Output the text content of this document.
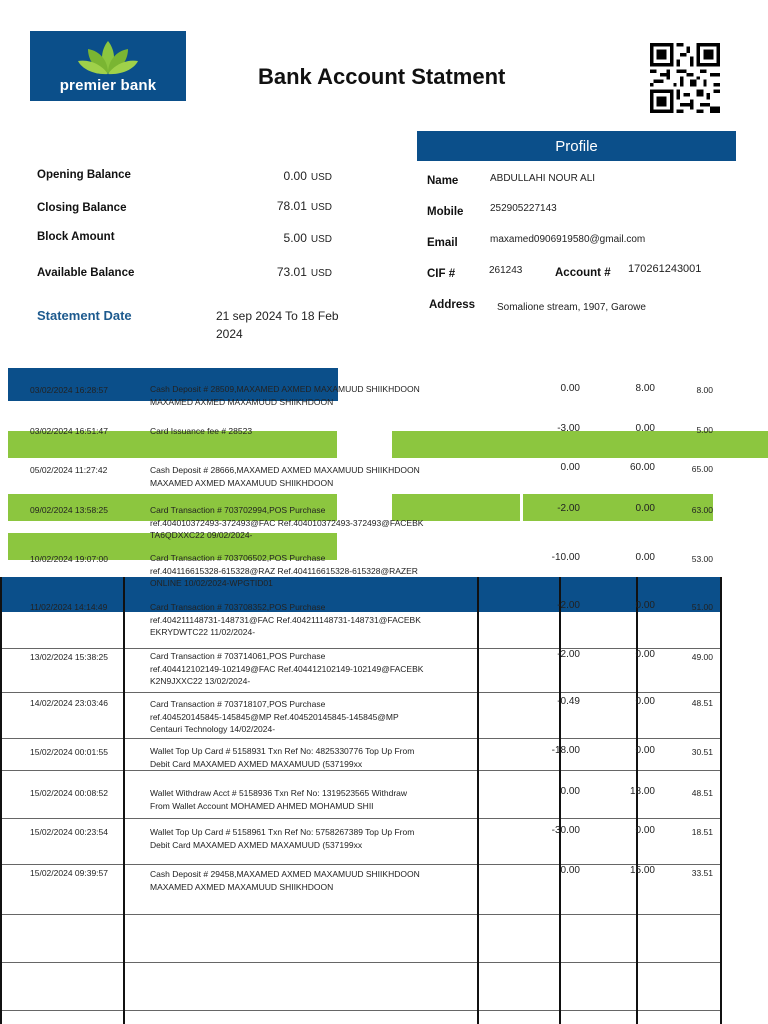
premier bank	Bank Account Statment
Opening Balance	0.00 USD
Closing Balance	78.01 USD
Block Amount	5.00 USD
Available Balance	73.01 USD
Statement Date	21 sep 2024 To 18 Feb
2024
Profile
Name	ABDULLAHI NOUR ALI
Mobile	252905227143
Email	maxamed0906919580@gmail.com
CIF #	261243	Account # 170261243001
Address Somalione stream, 1907, Garowe
03/02/2024 16:28:57	Cash Deposit # 28509,MAXAMED AXMED MAXAMUUD SHIIKHDOON
MAXAMED AXMED MAXAMUUD SHIIKHDOON
0.00	8.00	8.00
03/02/2024 16:51:47	Card Issuance fee # 28523	-3.00	0.00	5.00
05/02/2024 11:27:42	Cash Deposit # 28666,MAXAMED AXMED MAXAMUUD SHIIKHDOON
MAXAMED AXMED MAXAMUUD SHIIKHDOON
0.00	60.00	65.00
09/02/2024 13:58:25	Card Transaction # 703702994,POS Purchase
ref.404010372493-372493@FAC Ref.404010372493-372493@FACEBK
TA6QDXXC22 09/02/2024-
-2.00	0.00	63.00
10/02/2024 19:07:00	Card Transaction # 703706502,POS Purchase
ref.404116615328-615328@RAZ Ref.404116615328-615328@RAZER
ONLINE 10/02/2024-WPGTID01
-10.00	0.00	53.00
11/02/2024 14:14:49	Card Transaction # 703708352,POS Purchase
ref.404211148731-148731@FAC Ref.404211148731-148731@FACEBK
EKRYDWTC22 11/02/2024-
-2.00	0.00	51.00
13/02/2024 15:38:25	Card Transaction # 703714061,POS Purchase
ref.404412102149-102149@FAC Ref.404412102149-102149@FACEBK
K2N9JXXC22 13/02/2024-
-2.00	0.00	49.00
14/02/2024 23:03:46	Card Transaction # 703718107,POS Purchase
ref.404520145845-145845@MP Ref.404520145845-145845@MP
Centauri Technology 14/02/2024-
-0.49	0.00	48.51
15/02/2024 00:01:55	Wallet Top Up Card # 5158931 Txn Ref No: 4825330776 Top Up From
Debit Card MAXAMED AXMED MAXAMUUD (537199xx
-18.00	0.00	30.51
15/02/2024 00:08:52	Wallet Withdraw Acct # 5158936 Txn Ref No: 1319523565 Withdraw
From Wallet Account MOHAMED AHMED MOHAMUD SHII
0.00	18.00	48.51
15/02/2024 00:23:54	Wallet Top Up Card # 5158961 Txn Ref No: 5758267389 Top Up From
Debit Card MAXAMED AXMED MAXAMUUD (537199xx
-30.00	0.00	18.51
15/02/2024 09:39:57	Cash Deposit # 29458,MAXAMED AXMED MAXAMUUD SHIIKHDOON
MAXAMED AXMED MAXAMUUD SHIIKHDOON
0.00	15.00	33.51
